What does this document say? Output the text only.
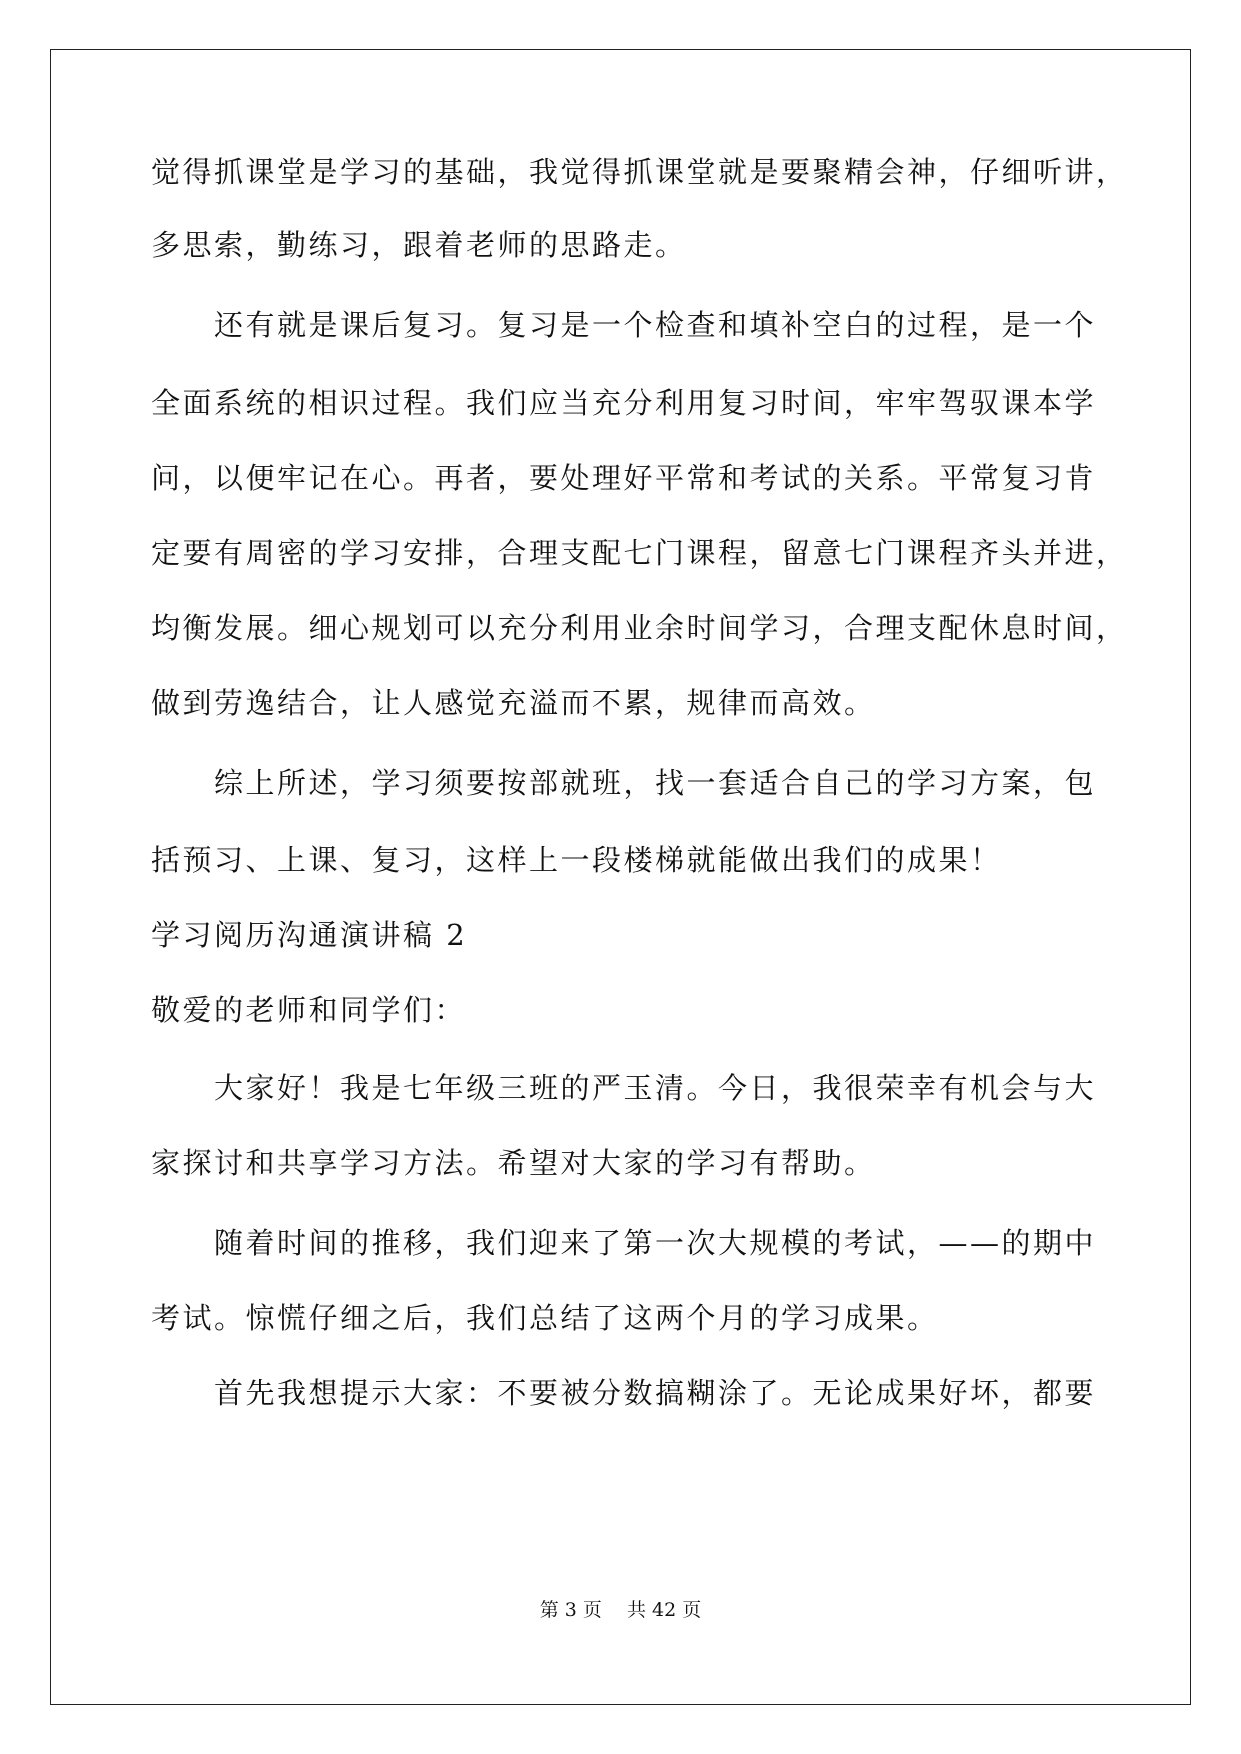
觉得抓课堂是学习的基础，我觉得抓课堂就是要聚精会神，仔细听讲，
多思索，勤练习，跟着老师的思路走。
还有就是课后复习。复习是一个检查和填补空白的过程，是一个
全面系统的相识过程。我们应当充分利用复习时间，牢牢驾驭课本学
问，以便牢记在心。再者，要处理好平常和考试的关系。平常复习肯
定要有周密的学习安排，合理支配七门课程，留意七门课程齐头并进，
均衡发展。细心规划可以充分利用业余时间学习，合理支配休息时间，
做到劳逸结合，让人感觉充溢而不累，规律而高效。
综上所述，学习须要按部就班，找一套适合自己的学习方案，包
括预习、上课、复习，这样上一段楼梯就能做出我们的成果！
学习阅历沟通演讲稿 2
敬爱的老师和同学们：
大家好！我是七年级三班的严玉清。今日，我很荣幸有机会与大
家探讨和共享学习方法。希望对大家的学习有帮助。
随着时间的推移，我们迎来了第一次大规模的考试，——的期中
考试。惊慌仔细之后，我们总结了这两个月的学习成果。
首先我想提示大家：不要被分数搞糊涂了。无论成果好坏，都要
第 3 页　 共 42 页
